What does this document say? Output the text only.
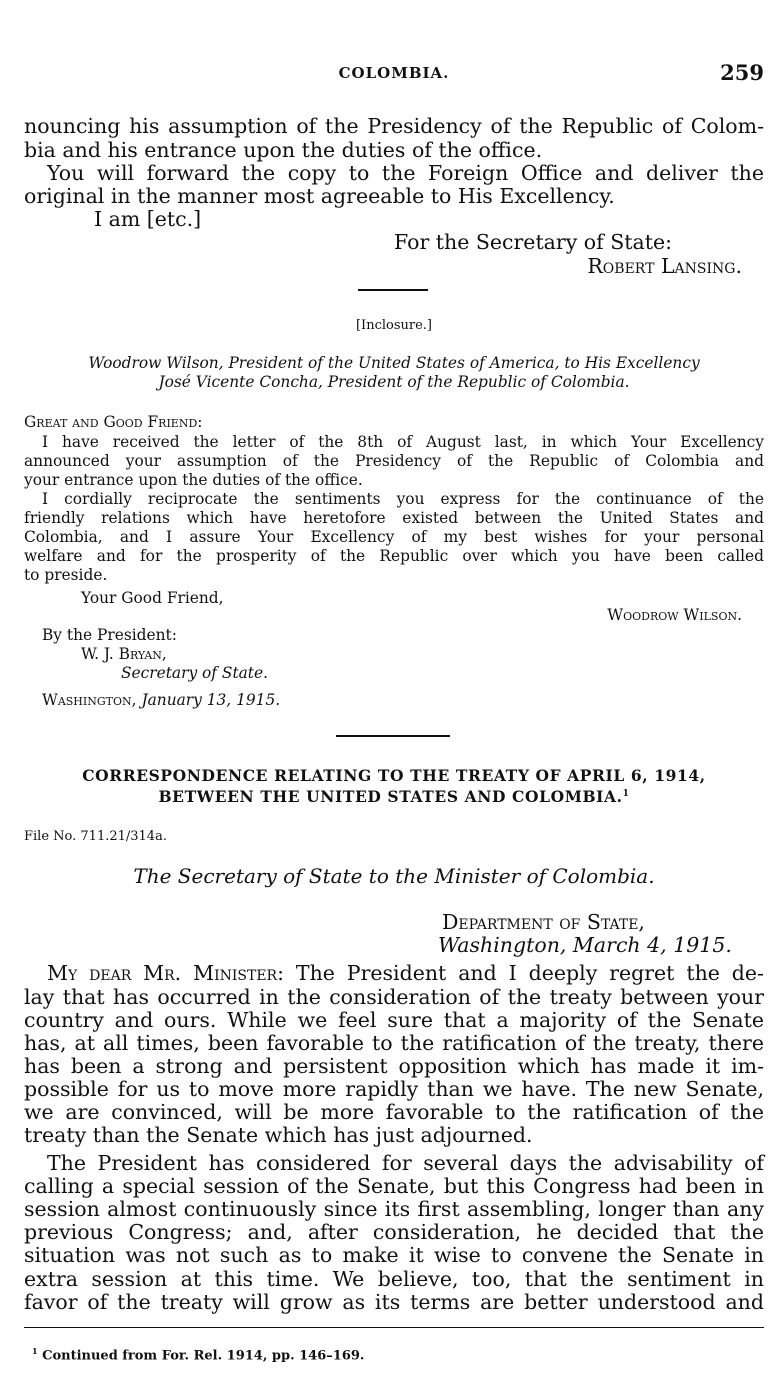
COLOMBIA.	259
nouncing his assumption of the Presidency of the Republic of Colom-
bia and his entrance upon the duties of the office.
You will forward the copy to the Foreign Office and deliver the
original in the manner most agreeable to His Excellency.
I am [etc.]
For the Secretary of State:
Robert Lansing.
[Inclosure.]
Woodrow Wilson, President of the United States of America, to His Excellency
José Vicente Concha, President of the Republic of Colombia.
Great and Good Friend:
I have received the letter of the 8th of August last, in which Your Excellency
announced your assumption of the Presidency of the Republic of Colombia and
your entrance upon the duties of the office.
I cordially reciprocate the sentiments you express for the continuance of the
friendly relations which have heretofore existed between the United States and
Colombia, and I assure Your Excellency of my best wishes for your personal
welfare and for the prosperity of the Republic over which you have been called
to preside.
Your Good Friend,
Woodrow Wilson.
By the President:
W. J. Bryan,
Secretary of State.
Washington, January 13, 1915.
CORRESPONDENCE RELATING TO THE TREATY OF APRIL 6, 1914,
BETWEEN THE UNITED STATES AND COLOMBIA.$^1$
File No. 711.21/314a.
The Secretary of State to the Minister of Colombia.
Department of State,
Washington, March 4, 1915.
My dear Mr. Minister: The President and I deeply regret the de-
lay that has occurred in the consideration of the treaty between your
country and ours. While we feel sure that a majority of the Senate
has, at all times, been favorable to the ratification of the treaty, there
has been a strong and persistent opposition which has made it im-
possible for us to move more rapidly than we have. The new Senate,
we are convinced, will be more favorable to the ratification of the
treaty than the Senate which has just adjourned.
The President has considered for several days the advisability of
calling a special session of the Senate, but this Congress had been in
session almost continuously since its first assembling, longer than any
previous Congress; and, after consideration, he decided that the
situation was not such as to make it wise to convene the Senate in
extra session at this time. We believe, too, that the sentiment in
favor of the treaty will grow as its terms are better understood and
$^1$ Continued from For. Rel. 1914, pp. 146–169.
